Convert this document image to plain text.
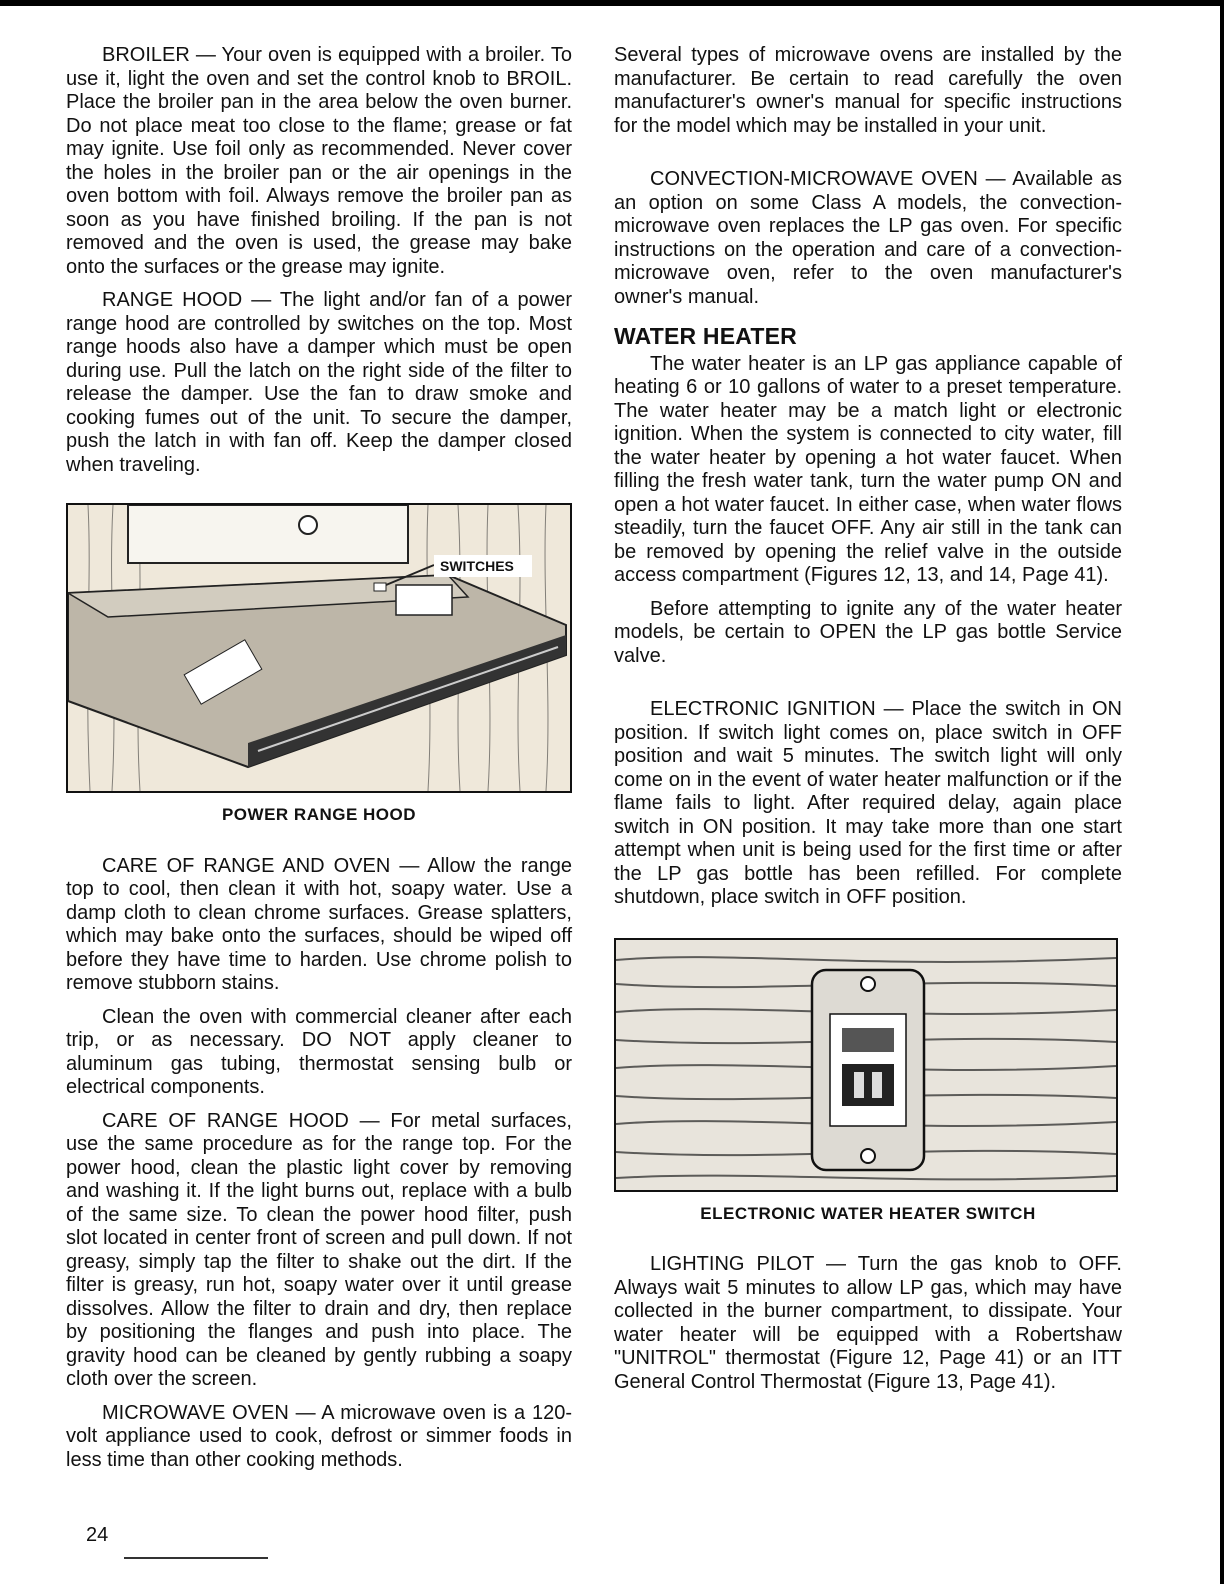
BROILER — Your oven is equipped with a broiler. To use it, light the oven and set the control knob to BROIL. Place the broiler pan in the area below the oven burner. Do not place meat too close to the flame; grease or fat may ignite. Use foil only as recommended. Never cover the holes in the broiler pan or the air openings in the oven bottom with foil. Always remove the broiler pan as soon as you have finished broiling. If the pan is not removed and the oven is used, the grease may bake onto the surfaces or the grease may ignite.

RANGE HOOD — The light and/or fan of a power range hood are controlled by switches on the top. Most range hoods also have a damper which must be open during use. Pull the latch on the right side of the filter to release the damper. Use the fan to draw smoke and cooking fumes out of the unit. To secure the damper, push the latch in with fan off. Keep the damper closed when traveling.

SWITCHES
POWER RANGE HOOD

CARE OF RANGE AND OVEN — Allow the range top to cool, then clean it with hot, soapy water. Use a damp cloth to clean chrome surfaces. Grease splatters, which may bake onto the surfaces, should be wiped off before they have time to harden. Use chrome polish to remove stubborn stains.

Clean the oven with commercial cleaner after each trip, or as necessary. DO NOT apply cleaner to aluminum gas tubing, thermostat sensing bulb or electrical components.

CARE OF RANGE HOOD — For metal surfaces, use the same procedure as for the range top. For the power hood, clean the plastic light cover by removing and washing it. If the light burns out, replace with a bulb of the same size. To clean the power hood filter, push slot located in center front of screen and pull down. If not greasy, simply tap the filter to shake out the dirt. If the filter is greasy, run hot, soapy water over it until grease dissolves. Allow the filter to drain and dry, then replace by positioning the flanges and push into place. The gravity hood can be cleaned by gently rubbing a soapy cloth over the screen.

MICROWAVE OVEN — A microwave oven is a 120-volt appliance used to cook, defrost or simmer foods in less time than other cooking methods.

Several types of microwave ovens are installed by the manufacturer. Be certain to read carefully the oven manufacturer's owner's manual for specific instructions for the model which may be installed in your unit.

CONVECTION-MICROWAVE OVEN — Available as an option on some Class A models, the convection-microwave oven replaces the LP gas oven. For specific instructions on the operation and care of a convection-microwave oven, refer to the oven manufacturer's owner's manual.

WATER HEATER

The water heater is an LP gas appliance capable of heating 6 or 10 gallons of water to a preset temperature. The water heater may be a match light or electronic ignition. When the system is connected to city water, fill the water heater by opening a hot water faucet. When filling the fresh water tank, turn the water pump ON and open a hot water faucet. In either case, when water flows steadily, turn the faucet OFF. Any air still in the tank can be removed by opening the relief valve in the outside access compartment (Figures 12, 13, and 14, Page 41).

Before attempting to ignite any of the water heater models, be certain to OPEN the LP gas bottle Service valve.

ELECTRONIC IGNITION — Place the switch in ON position. If switch light comes on, place switch in OFF position and wait 5 minutes. The switch light will only come on in the event of water heater malfunction or if the flame fails to light. After required delay, again place switch in ON position. It may take more than one start attempt when unit is being used for the first time or after the LP gas bottle has been refilled. For complete shutdown, place switch in OFF position.

ELECTRONIC WATER HEATER SWITCH

LIGHTING PILOT — Turn the gas knob to OFF. Always wait 5 minutes to allow LP gas, which may have collected in the burner compartment, to dissipate. Your water heater will be equipped with a Robertshaw "UNITROL" thermostat (Figure 12, Page 41) or an ITT General Control Thermostat (Figure 13, Page 41).

24
